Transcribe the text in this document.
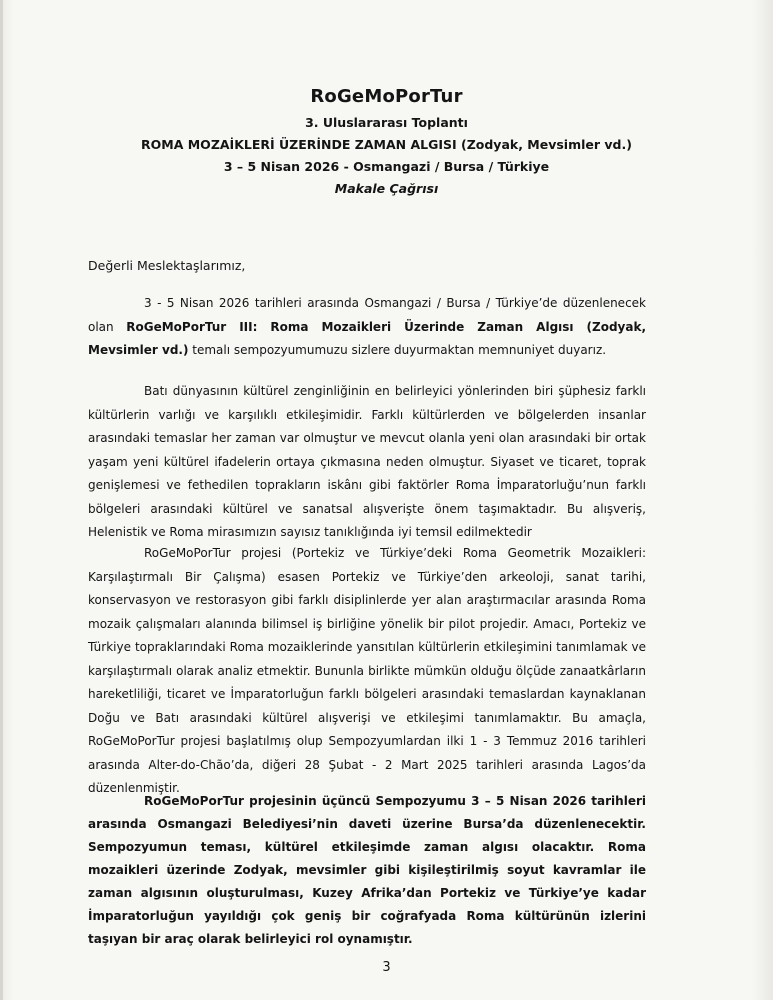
RoGeMoPorTur
3. Uluslararası Toplantı
ROMA MOZAİKLERİ ÜZERİNDE ZAMAN ALGISI (Zodyak, Mevsimler vd.)
3 – 5 Nisan 2026 - Osmangazi / Bursa / Türkiye
Makale Çağrısı
Değerli Meslektaşlarımız,

3 - 5 Nisan 2026 tarihleri arasında Osmangazi / Bursa / Türkiye’de düzenlenecek olan RoGeMoPorTur III: Roma Mozaikleri Üzerinde Zaman Algısı (Zodyak, Mevsimler vd.) temalı sempozyumumuzu sizlere duyurmaktan memnuniyet duyarız.

Batı dünyasının kültürel zenginliğinin en belirleyici yönlerinden biri şüphesiz farklı kültürlerin varlığı ve karşılıklı etkileşimidir. Farklı kültürlerden ve bölgelerden insanlar arasındaki temaslar her zaman var olmuştur ve mevcut olanla yeni olan arasındaki bir ortak yaşam yeni kültürel ifadelerin ortaya çıkmasına neden olmuştur. Siyaset ve ticaret, toprak genişlemesi ve fethedilen toprakların iskânı gibi faktörler Roma İmparatorluğu’nun farklı bölgeleri arasındaki kültürel ve sanatsal alışverişte önem taşımaktadır. Bu alışveriş, Helenistik ve Roma mirasımızın sayısız tanıklığında iyi temsil edilmektedir

RoGeMoPorTur projesi (Portekiz ve Türkiye’deki Roma Geometrik Mozaikleri: Karşılaştırmalı Bir Çalışma) esasen Portekiz ve Türkiye’den arkeoloji, sanat tarihi, konservasyon ve restorasyon gibi farklı disiplinlerde yer alan araştırmacılar arasında Roma mozaik çalışmaları alanında bilimsel iş birliğine yönelik bir pilot projedir. Amacı, Portekiz ve Türkiye topraklarındaki Roma mozaiklerinde yansıtılan kültürlerin etkileşimini tanımlamak ve karşılaştırmalı olarak analiz etmektir. Bununla birlikte mümkün olduğu ölçüde zanaatkârların hareketliliği, ticaret ve İmparatorluğun farklı bölgeleri arasındaki temaslardan kaynaklanan Doğu ve Batı arasındaki kültürel alışverişi ve etkileşimi tanımlamaktır. Bu amaçla, RoGeMoPorTur projesi başlatılmış olup Sempozyumlardan ilki 1 - 3 Temmuz 2016 tarihleri arasında Alter-do-Chão’da, diğeri 28 Şubat - 2 Mart 2025 tarihleri arasında Lagos’da düzenlenmiştir.

RoGeMoPorTur projesinin üçüncü Sempozyumu 3 – 5 Nisan 2026 tarihleri arasında Osmangazi Belediyesi’nin daveti üzerine Bursa’da düzenlenecektir. Sempozyumun teması, kültürel etkileşimde zaman algısı olacaktır. Roma mozaikleri üzerinde Zodyak, mevsimler gibi kişileştirilmiş soyut kavramlar ile zaman algısının oluşturulması, Kuzey Afrika’dan Portekiz ve Türkiye’ye kadar İmparatorluğun yayıldığı çok geniş bir coğrafyada Roma kültürünün izlerini taşıyan bir araç olarak belirleyici rol oynamıştır.

3
